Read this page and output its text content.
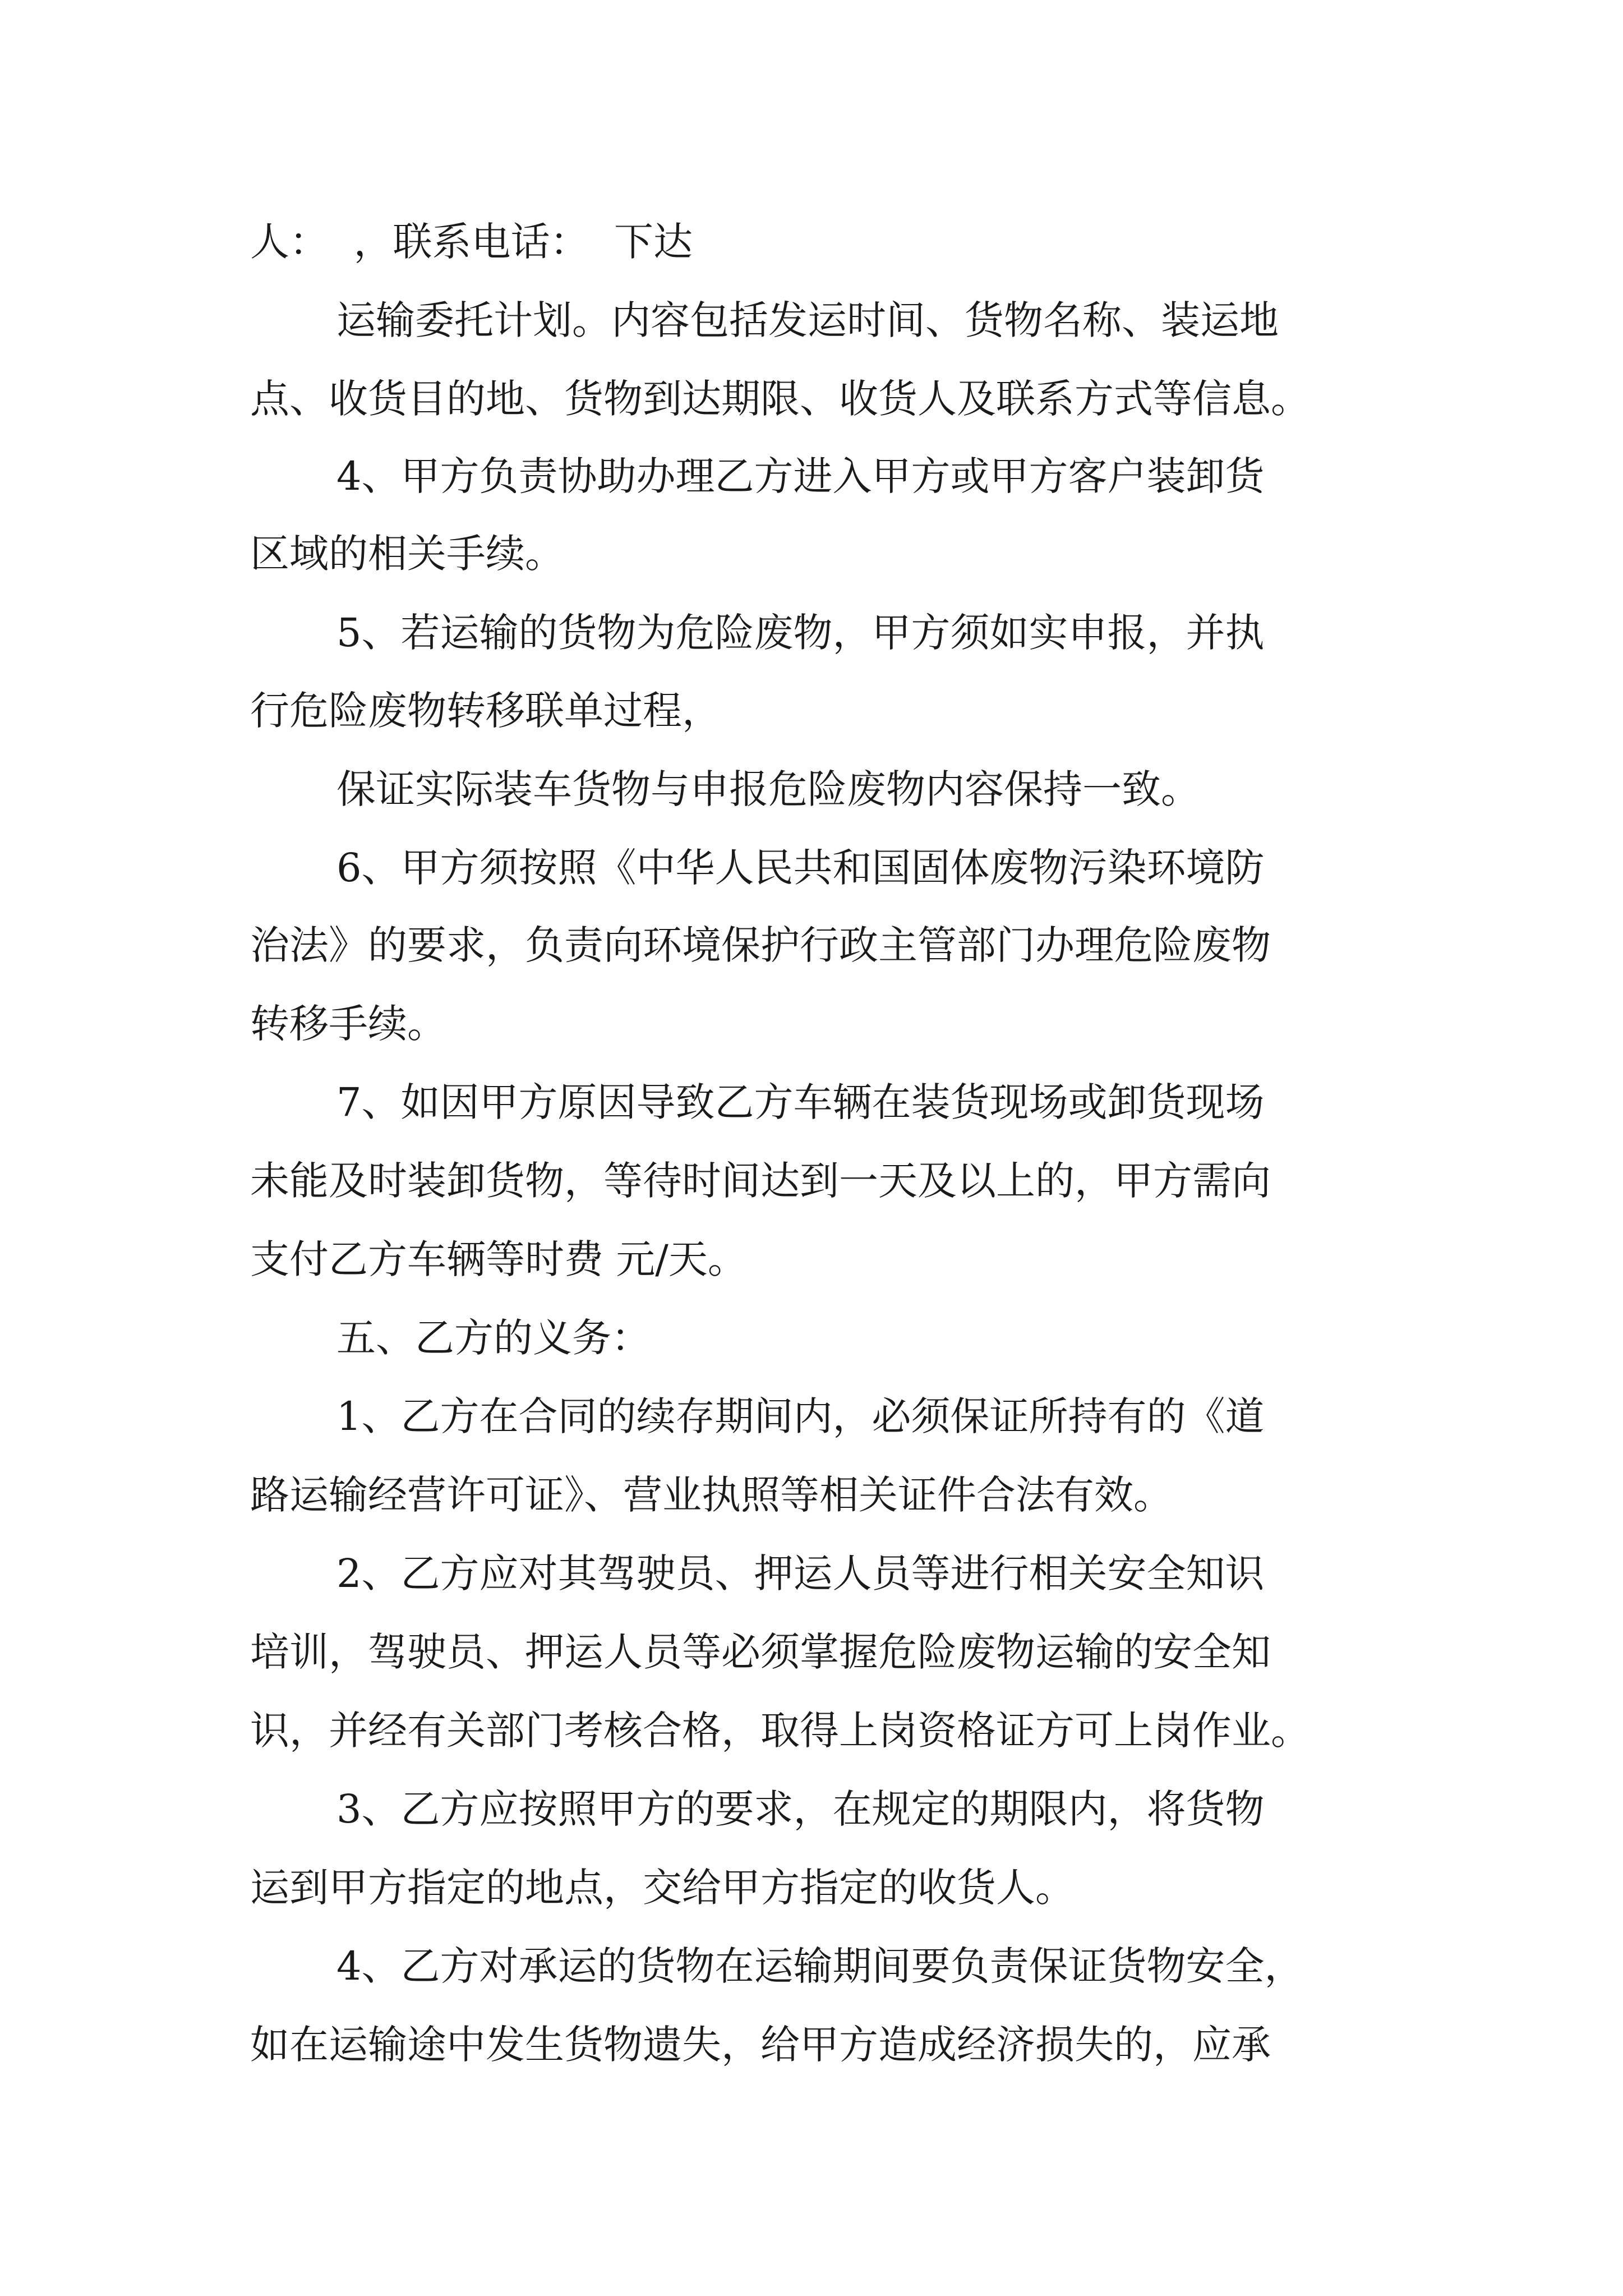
人：  ，联系电话：  下达
运输委托计划。内容包括发运时间、货物名称、装运地
点、收货目的地、货物到达期限、收货人及联系方式等信息。
4、甲方负责协助办理乙方进入甲方或甲方客户装卸货
区域的相关手续。
5、若运输的货物为危险废物，甲方须如实申报，并执
行危险废物转移联单过程，
保证实际装车货物与申报危险废物内容保持一致。
6、甲方须按照《中华人民共和国固体废物污染环境防
治法》的要求，负责向环境保护行政主管部门办理危险废物
转移手续。
7、如因甲方原因导致乙方车辆在装货现场或卸货现场
未能及时装卸货物，等待时间达到一天及以上的，甲方需向
支付乙方车辆等时费 元/天。
五、乙方的义务：
1、乙方在合同的续存期间内，必须保证所持有的《道
路运输经营许可证》、营业执照等相关证件合法有效。
2、乙方应对其驾驶员、押运人员等进行相关安全知识
培训，驾驶员、押运人员等必须掌握危险废物运输的安全知
识，并经有关部门考核合格，取得上岗资格证方可上岗作业。
3、乙方应按照甲方的要求，在规定的期限内，将货物
运到甲方指定的地点，交给甲方指定的收货人。
4、乙方对承运的货物在运输期间要负责保证货物安全，
如在运输途中发生货物遗失，给甲方造成经济损失的，应承
